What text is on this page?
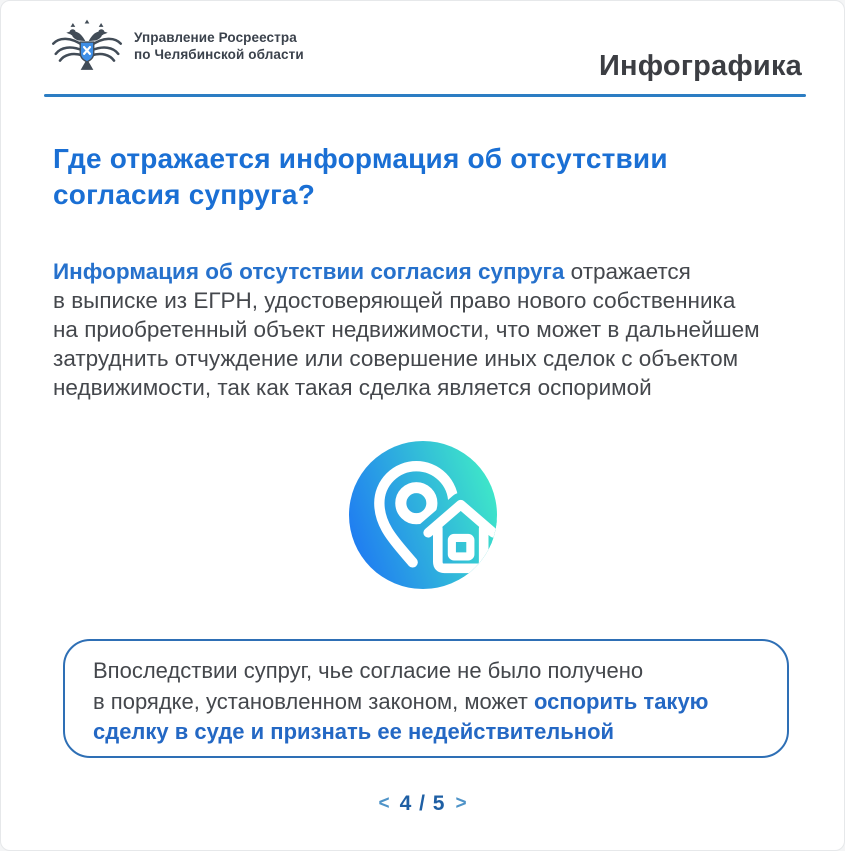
Управление Росреестра
по Челябинской области	Инфографика
Где отражается информация об отсутствии
согласия супруга?
Информация об отсутствии согласия супруга отражается
в выписке из ЕГРН, удостоверяющей право нового собственника
на приобретенный объект недвижимости, что может в дальнейшем
затруднить отчуждение или совершение иных сделок с объектом
недвижимости, так как такая сделка является оспоримой
Впоследствии супруг, чье согласие не было получено
в порядке, установленном законом, может оспорить такую
сделку в суде и признать ее недействительной
< 4 / 5 >
